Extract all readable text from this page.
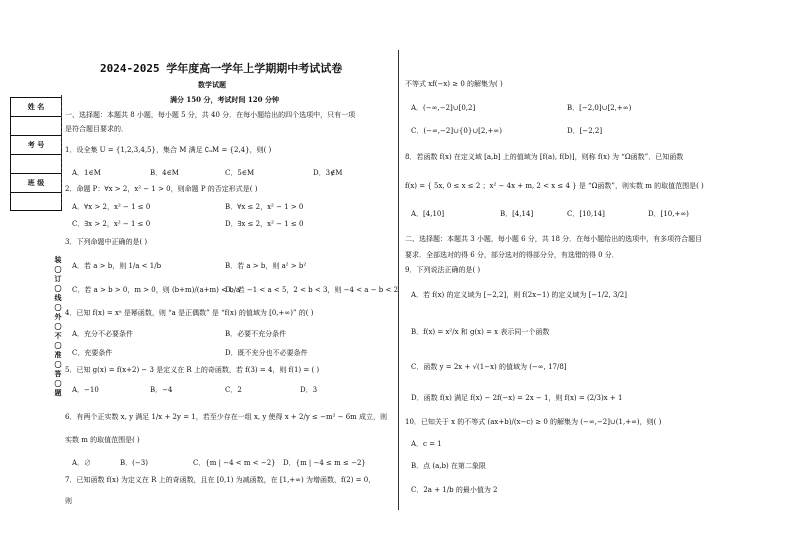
2024-2025 学年度高一学年上学期期中考试试卷
数学试题
满分 150 分，考试时间 120 分钟
姓 名
考 号
班 级
装
〇
订
〇
线
〇
外
〇
不
〇
准
〇
答
〇
题
一、选择题：本题共 8 小题，每小题 5 分，共 40 分．在每小题给出的四个选项中，只有一项
是符合题目要求的．
1．设全集 U = {1,2,3,4,5}，集合 M 满足 ∁ᵤM = {2,4}，则( )
A．1∈M	B．4∈M	C．5∈M	D．3∉M
2．命题 P：∀x > 2，x² − 1 > 0，则命题 P 的否定形式是( )
A．∀x > 2，x² − 1 ≤ 0	B．∀x ≤ 2，x² − 1 > 0
C．∃x > 2，x² − 1 ≤ 0	D．∃x ≤ 2，x² − 1 ≤ 0
3．下列命题中正确的是( )
A．若 a > b，则 1/a < 1/b	B．若 a > b，则 a² > b²
C．若 a > b > 0，m > 0，则 (b+m)/(a+m) < b/a
D．若 −1 < a < 5，2 < b < 3，则 −4 < a − b < 2
4．已知 f(x) = xᵃ 是幂函数，则 “a 是正偶数” 是 “f(x) 的值域为 [0,+∞)” 的( )
A．充分不必要条件	B．必要不充分条件
C．充要条件	D．既不充分也不必要条件
5．已知 g(x) = f(x+2) − 3 是定义在 R 上的奇函数，若 f(3) = 4，则 f(1) = ( )
A．−10	B．−4	C．2	D．3
6．有两个正实数 x, y 满足 1/x + 2y = 1，若至少存在一组 x, y 使得 x + 2/y ≤ −m² − 6m 成立，则
实数 m 的取值范围是( )
A．∅	B．(−3)	C．{m | −4 < m < −2} D．{m | −4 ≤ m ≤ −2}
7．已知函数 f(x) 为定义在 R 上的奇函数，且在 [0,1) 为减函数，在 [1,+∞) 为增函数，f(2) = 0，
则
不等式 xf(−x) ≥ 0 的解集为( )
A．(−∞,−2]∪[0,2]	B．[−2,0]∪[2,+∞)
C．(−∞,−2]∪{0}∪[2,+∞)	D．[−2,2]
8．若函数 f(x) 在定义域 [a,b] 上的值域为 [f(a), f(b)]，则称 f(x) 为 “Ω函数”．已知函数
f(x) = { 5x, 0 ≤ x ≤ 2 ；x² − 4x + m, 2 < x ≤ 4 } 是 “Ω函数”，则实数 m 的取值范围是( )
A．[4,10]	B．[4,14]	C．[10,14]	D．[10,+∞)
二、选择题：本题共 3 小题，每小题 6 分，共 18 分．在每小题给出的选项中，有多项符合题目
要求．全部选对的得 6 分，部分选对的得部分分，有选错的得 0 分．
9．下列说法正确的是( )
A．若 f(x) 的定义域为 [−2,2]，则 f(2x−1) 的定义域为 [−1/2, 3/2]
B．f(x) = x²/x 和 g(x) = x 表示同一个函数
C．函数 y = 2x + √(1−x) 的值域为 (−∞, 17/8]
D．函数 f(x) 满足 f(x) − 2f(−x) = 2x − 1，则 f(x) = (2/3)x + 1
10．已知关于 x 的不等式 (ax+b)/(x−c) ≥ 0 的解集为 (−∞,−2]∪(1,+∞)，则( )
A．c = 1
B．点 (a,b) 在第二象限
C．2a + 1/b 的最小值为 2
